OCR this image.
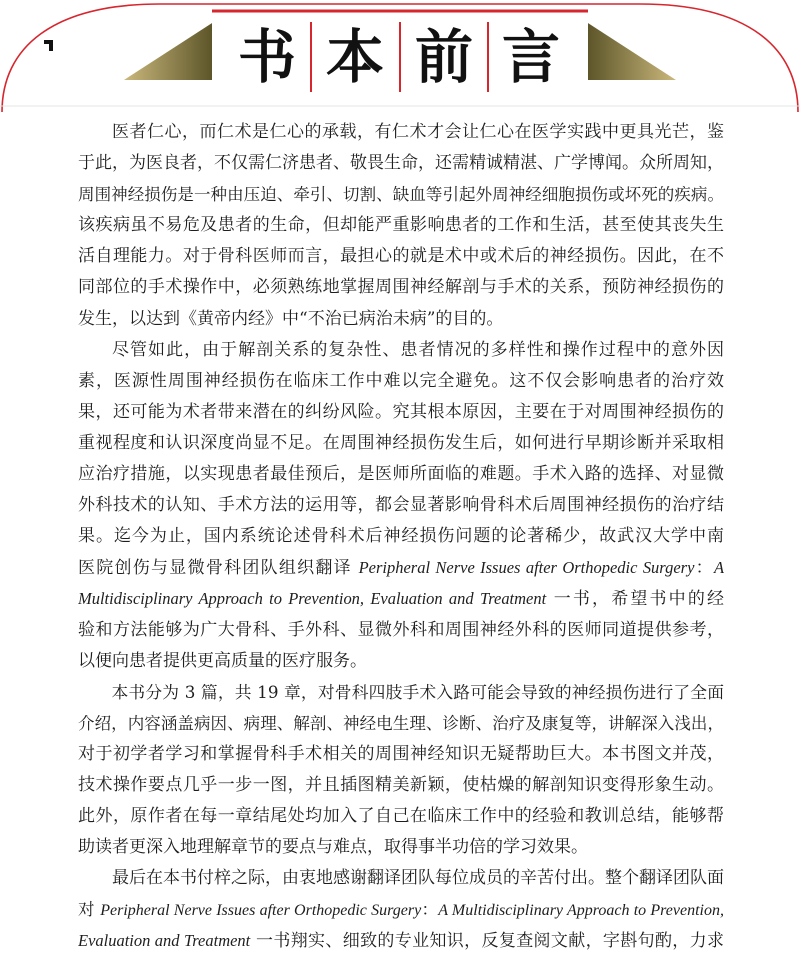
书 本 前 言
医者仁心，而仁术是仁心的承载，有仁术才会让仁心在医学实践中更具光芒，鉴
于此，为医良者，不仅需仁济患者、敬畏生命，还需精诚精湛、广学博闻。众所周知，
周围神经损伤是一种由压迫、牵引、切割、缺血等引起外周神经细胞损伤或坏死的疾病。
该疾病虽不易危及患者的生命，但却能严重影响患者的工作和生活，甚至使其丧失生
活自理能力。对于骨科医师而言，最担心的就是术中或术后的神经损伤。因此，在不
同部位的手术操作中，必须熟练地掌握周围神经解剖与手术的关系，预防神经损伤的
发生，以达到《黄帝内经》中“不治已病治未病”的目的。
尽管如此，由于解剖关系的复杂性、患者情况的多样性和操作过程中的意外因
素，医源性周围神经损伤在临床工作中难以完全避免。这不仅会影响患者的治疗效
果，还可能为术者带来潜在的纠纷风险。究其根本原因，主要在于对周围神经损伤的
重视程度和认识深度尚显不足。在周围神经损伤发生后，如何进行早期诊断并采取相
应治疗措施，以实现患者最佳预后，是医师所面临的难题。手术入路的选择、对显微
外科技术的认知、手术方法的运用等，都会显著影响骨科术后周围神经损伤的治疗结
果。迄今为止，国内系统论述骨科术后神经损伤问题的论著稀少，故武汉大学中南
医院创伤与显微骨科团队组织翻译 Peripheral Nerve Issues after Orthopedic Surgery：A
Multidisciplinary Approach to Prevention, Evaluation and Treatment 一书，希望书中的经
验和方法能够为广大骨科、手外科、显微外科和周围神经外科的医师同道提供参考，
以便向患者提供更高质量的医疗服务。
本书分为 3 篇，共 19 章，对骨科四肢手术入路可能会导致的神经损伤进行了全面
介绍，内容涵盖病因、病理、解剖、神经电生理、诊断、治疗及康复等，讲解深入浅出，
对于初学者学习和掌握骨科手术相关的周围神经知识无疑帮助巨大。本书图文并茂，
技术操作要点几乎一步一图，并且插图精美新颖，使枯燥的解剖知识变得形象生动。
此外，原作者在每一章结尾处均加入了自己在临床工作中的经验和教训总结，能够帮
助读者更深入地理解章节的要点与难点，取得事半功倍的学习效果。
最后在本书付梓之际，由衷地感谢翻译团队每位成员的辛苦付出。整个翻译团队面
对 Peripheral Nerve Issues after Orthopedic Surgery：A Multidisciplinary Approach to Prevention,
Evaluation and Treatment 一书翔实、细致的专业知识，反复查阅文献，字斟句酌，力求
